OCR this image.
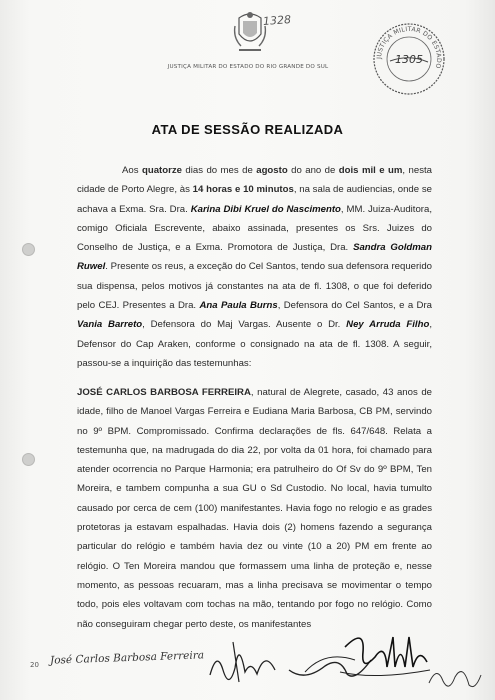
1328
JUSTIÇA MILITAR DO ESTADO DO RIO GRANDE DO SUL
JUSTIÇA MILITAR DO ESTADO
1305
ATA DE SESSÃO REALIZADA
Aos quatorze dias do mes de agosto do ano de dois mil e um, nesta cidade de Porto Alegre, às 14 horas e 10 minutos, na sala de audiencias, onde se achava a Exma. Sra. Dra. Karina Dibi Kruel do Nascimento, MM. Juiza-Auditora, comigo Oficiala Escrevente, abaixo assinada, presentes os Srs. Juizes do Conselho de Justiça, e a Exma. Promotora de Justiça, Dra. Sandra Goldman Ruwel. Presente os reus, a exceção do Cel Santos, tendo sua defensora requerido sua dispensa, pelos motivos já constantes na ata de fl. 1308, o que foi deferido pelo CEJ. Presentes a Dra. Ana Paula Burns, Defensora do Cel Santos, e a Dra Vania Barreto, Defensora do Maj Vargas. Ausente o Dr. Ney Arruda Filho, Defensor do Cap Araken, conforme o consignado na ata de fl. 1308. A seguir, passou-se a inquirição das testemunhas:
JOSÉ CARLOS BARBOSA FERREIRA, natural de Alegrete, casado, 43 anos de idade, filho de Manoel Vargas Ferreira e Eudiana Maria Barbosa, CB PM, servindo no 9º BPM. Compromissado. Confirma declarações de fls. 647/648. Relata a testemunha que, na madrugada do dia 22, por volta da 01 hora, foi chamado para atender ocorrencia no Parque Harmonia; era patrulheiro do Of Sv do 9º BPM, Ten Moreira, e tambem compunha a sua GU o Sd Custodio. No local, havia tumulto causado por cerca de cem (100) manifestantes. Havia fogo no relogio e as grades protetoras ja estavam espalhadas. Havia dois (2) homens fazendo a segurança particular do relógio e também havia dez ou vinte (10 a 20) PM em frente ao relógio. O Ten Moreira mandou que formassem uma linha de proteção e, nesse momento, as pessoas recuaram, mas a linha precisava se movimentar o tempo todo, pois eles voltavam com tochas na mão, tentando por fogo no relógio. Como não conseguiram chegar perto deste, os manifestantes
20 José Carlos Barbosa Ferreira
